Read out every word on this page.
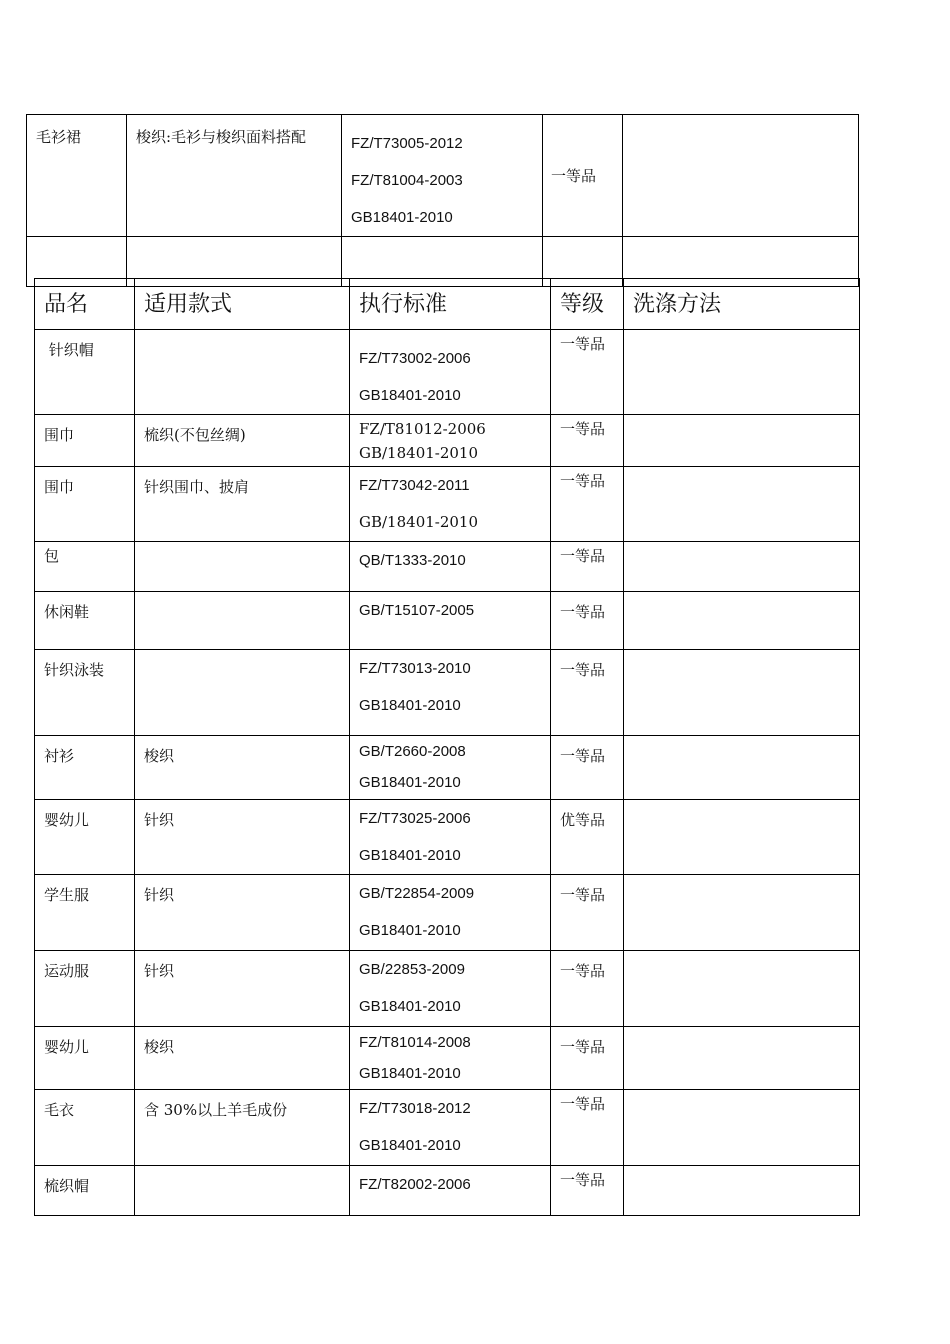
毛衫裙	梭织:毛衫与梭织面料搭配	FZ/T73005-2012
FZ/T81004-2003
GB18401-2010	一等品	

品名	适用款式	执行标准	等级	洗涤方法

针织帽		FZ/T73002-2006
GB18401-2010	一等品	

围巾	梳织(不包丝绸)	FZ/T81012-2006
GB/18401-2010	一等品	

围巾	针织围巾、披肩	FZ/T73042-2011
GB/18401-2010	一等品	

包		QB/T1333-2010	一等品	

休闲鞋		GB/T15107-2005	一等品	

针织泳装		FZ/T73013-2010
GB18401-2010	一等品	

衬衫	梭织	GB/T2660-2008
GB18401-2010	一等品	

婴幼儿	针织	FZ/T73025-2006
GB18401-2010	优等品	

学生服	针织	GB/T22854-2009
GB18401-2010	一等品	

运动服	针织	GB/22853-2009
GB18401-2010	一等品	

婴幼儿	梭织	FZ/T81014-2008
GB18401-2010	一等品	

毛衣	含 30%以上羊毛成份	FZ/T73018-2012
GB18401-2010	一等品	

梳织帽		FZ/T82002-2006	一等品	
